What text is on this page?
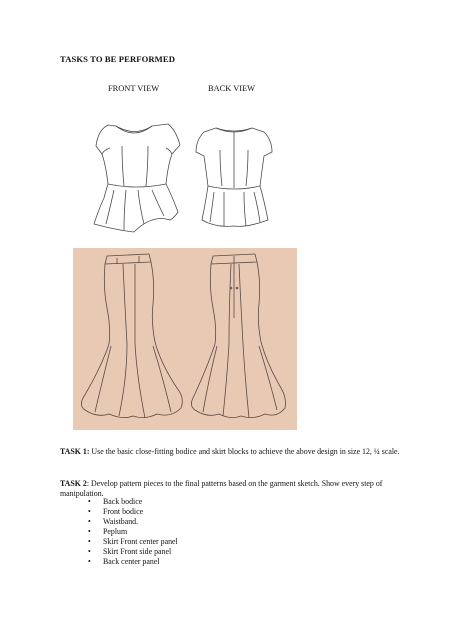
TASKS TO BE PERFORMED
FRONT VIEW	BACK VIEW
TASK 1: Use the basic close-fitting bodice and skirt blocks to achieve the above design in size 12, ¼ scale.
TASK 2: Develop pattern pieces to the final patterns based on the garment sketch. Show every step of manipulation.
• Back bodice
• Front bodice
• Waistband.
• Peplum
• Skirt Front center panel
• Skirt Front side panel
• Back center panel
